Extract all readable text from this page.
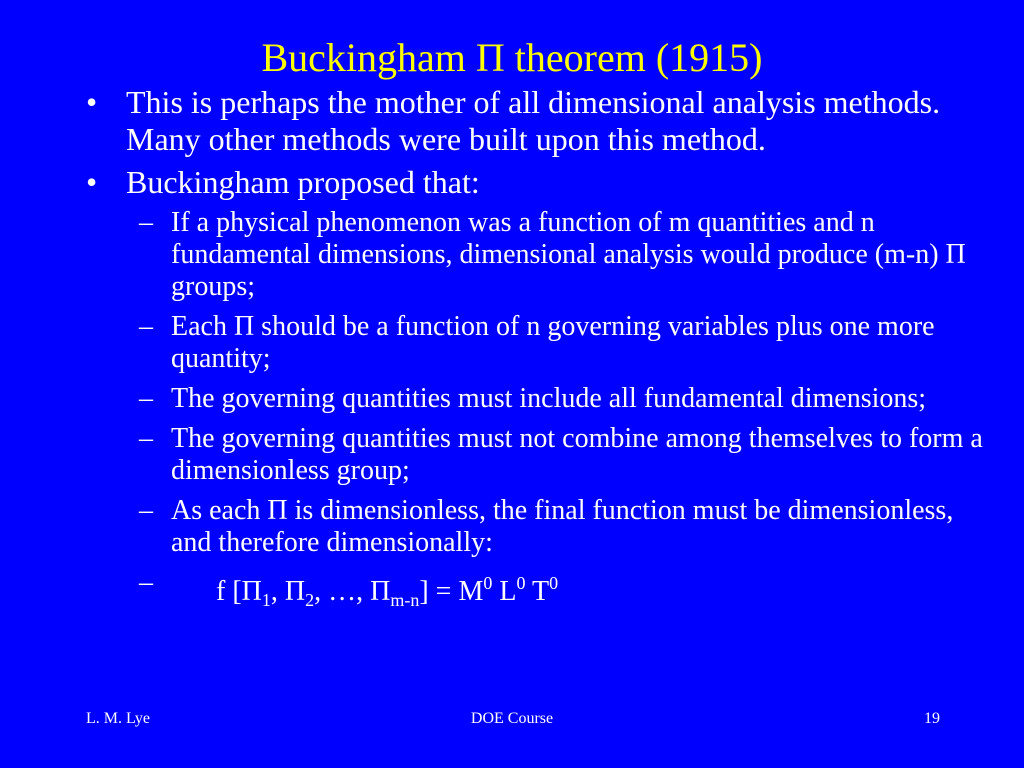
Buckingham Π theorem (1915)
• This is perhaps the mother of all dimensional analysis methods. Many other methods were built upon this method.
• Buckingham proposed that:
– If a physical phenomenon was a function of m quantities and n fundamental dimensions, dimensional analysis would produce (m-n) Π groups;
– Each Π should be a function of n governing variables plus one more quantity;
– The governing quantities must include all fundamental dimensions;
– The governing quantities must not combine among themselves to form a dimensionless group;
– As each Π is dimensionless, the final function must be dimensionless, and therefore dimensionally:
– f [$\Pi_1$, $\Pi_2$, …, $\Pi_{m-n}] = M^0$ $L^0$ $T^0$
L. M. Lye	DOE Course	19
